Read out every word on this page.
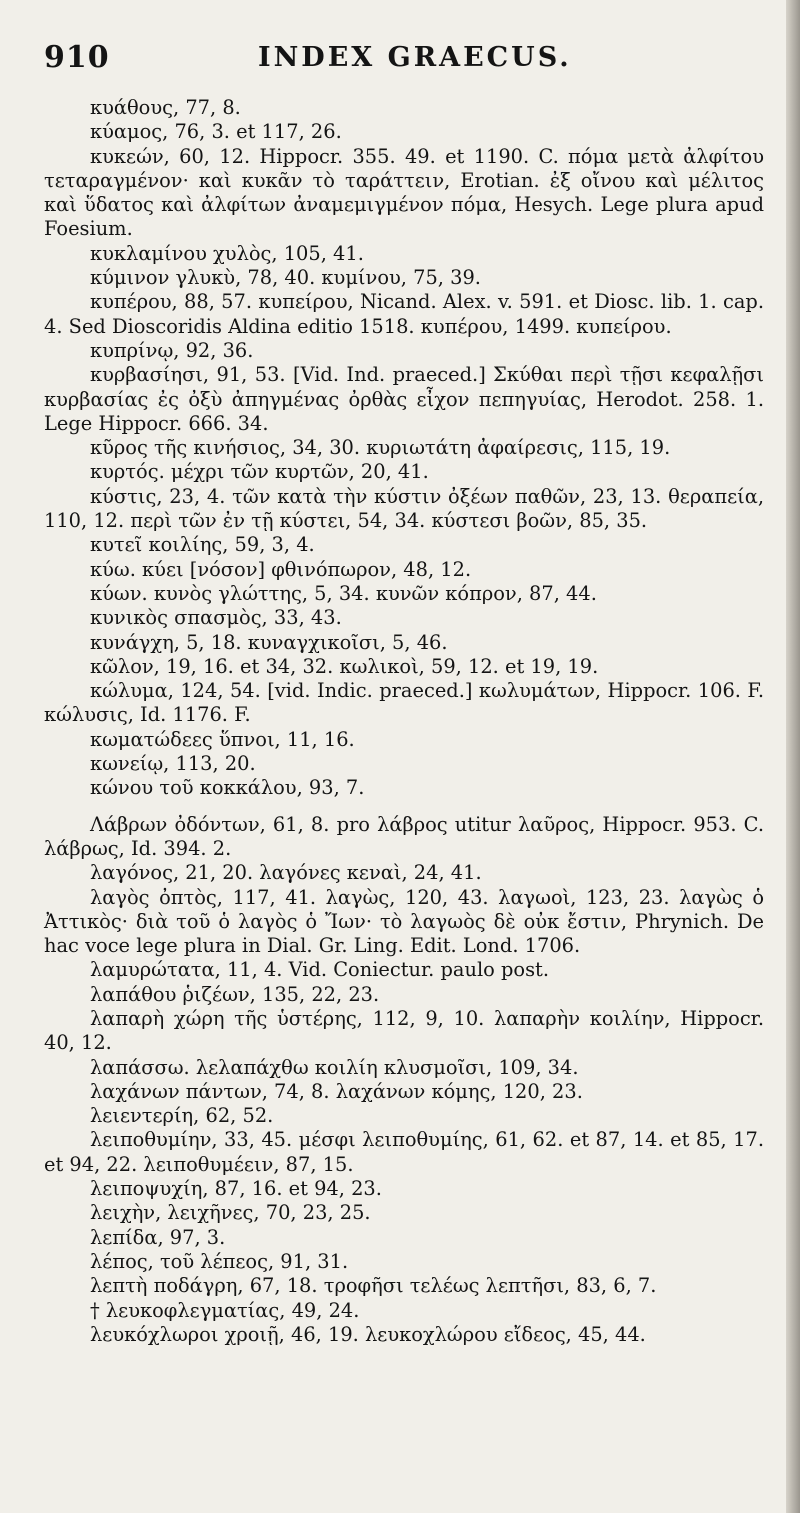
910	INDEX GRAECUS.

κυάθους, 77, 8.

κύαμος, 76, 3. et 117, 26.

κυκεών, 60, 12. Hippocr. 355. 49. et 1190. C. πόμα μετὰ ἀλφίτου τεταραγμένον· καὶ κυκᾶν τὸ ταράττειν, Erotian. ἐξ οἴνου καὶ μέλιτος καὶ ὕδατος καὶ ἀλφίτων ἀναμεμιγμένον πόμα, Hesych. Lege plura apud Foesium.

κυκλαμίνου χυλὸς, 105, 41.

κύμινον γλυκὺ, 78, 40. κυμίνου, 75, 39.

κυπέρου, 88, 57. κυπείρου, Nicand. Alex. v. 591. et Diosc. lib. 1. cap. 4. Sed Dioscoridis Aldina editio 1518. κυπέρου, 1499. κυπείρου.

κυπρίνῳ, 92, 36.

κυρβασίησι, 91, 53. [Vid. Ind. praeced.] Σκύθαι περὶ τῇσι κεφαλῇσι κυρβασίας ἐς ὀξὺ ἀπηγμένας ὀρθὰς εἶχον πεπηγυίας, Herodot. 258. 1. Lege Hippocr. 666. 34.

κῦρος τῆς κινήσιος, 34, 30. κυριωτάτη ἀφαίρεσις, 115, 19.

κυρτός. μέχρι τῶν κυρτῶν, 20, 41.

κύστις, 23, 4. τῶν κατὰ τὴν κύστιν ὀξέων παθῶν, 23, 13. θεραπεία, 110, 12. περὶ τῶν ἐν τῇ κύστει, 54, 34. κύστεσι βοῶν, 85, 35.

κυτεῖ κοιλίης, 59, 3, 4.

κύω. κύει [νόσον] φθινόπωρον, 48, 12.

κύων. κυνὸς γλώττης, 5, 34. κυνῶν κόπρον, 87, 44.

κυνικὸς σπασμὸς, 33, 43.

κυνάγχη, 5, 18. κυναγχικοῖσι, 5, 46.

κῶλον, 19, 16. et 34, 32. κωλικοὶ, 59, 12. et 19, 19.

κώλυμα, 124, 54. [vid. Indic. praeced.] κωλυμάτων, Hippocr. 106. F. κώλυσις, Id. 1176. F.

κωματώδεες ὕπνοι, 11, 16.

κωνείῳ, 113, 20.

κώνου τοῦ κοκκάλου, 93, 7.

Λάβρων ὀδόντων, 61, 8. pro λάβρος utitur λαῦρος, Hippocr. 953. C. λάβρως, Id. 394. 2.

λαγόνος, 21, 20. λαγόνες κεναὶ, 24, 41.

λαγὸς ὀπτὸς, 117, 41. λαγὼς, 120, 43. λαγωοὶ, 123, 23. λαγὼς ὁ Ἀττικὸς· διὰ τοῦ ὁ λαγὸς ὁ Ἴων· τὸ λαγωὸς δὲ οὐκ ἔστιν, Phrynich. De hac voce lege plura in Dial. Gr. Ling. Edit. Lond. 1706.

λαμυρώτατα, 11, 4. Vid. Coniectur. paulo post.

λαπάθου ῥιζέων, 135, 22, 23.

λαπαρὴ χώρη τῆς ὑστέρης, 112, 9, 10. λαπαρὴν κοιλίην, Hippocr. 40, 12.

λαπάσσω. λελαπάχθω κοιλίη κλυσμοῖσι, 109, 34.

λαχάνων πάντων, 74, 8. λαχάνων κόμης, 120, 23.

λειεντερίη, 62, 52.

λειποθυμίην, 33, 45. μέσφι λειποθυμίης, 61, 62. et 87, 14. et 85, 17. et 94, 22. λειποθυμέειν, 87, 15.

λειποψυχίη, 87, 16. et 94, 23.

λειχὴν, λειχῆνες, 70, 23, 25.

λεπίδα, 97, 3.

λέπος, τοῦ λέπεος, 91, 31.

λεπτὴ ποδάγρη, 67, 18. τροφῆσι τελέως λεπτῆσι, 83, 6, 7.

† λευκοφλεγματίας, 49, 24.

λευκόχλωροι χροιῇ, 46, 19. λευκοχλώρου εἴδεος, 45, 44.
